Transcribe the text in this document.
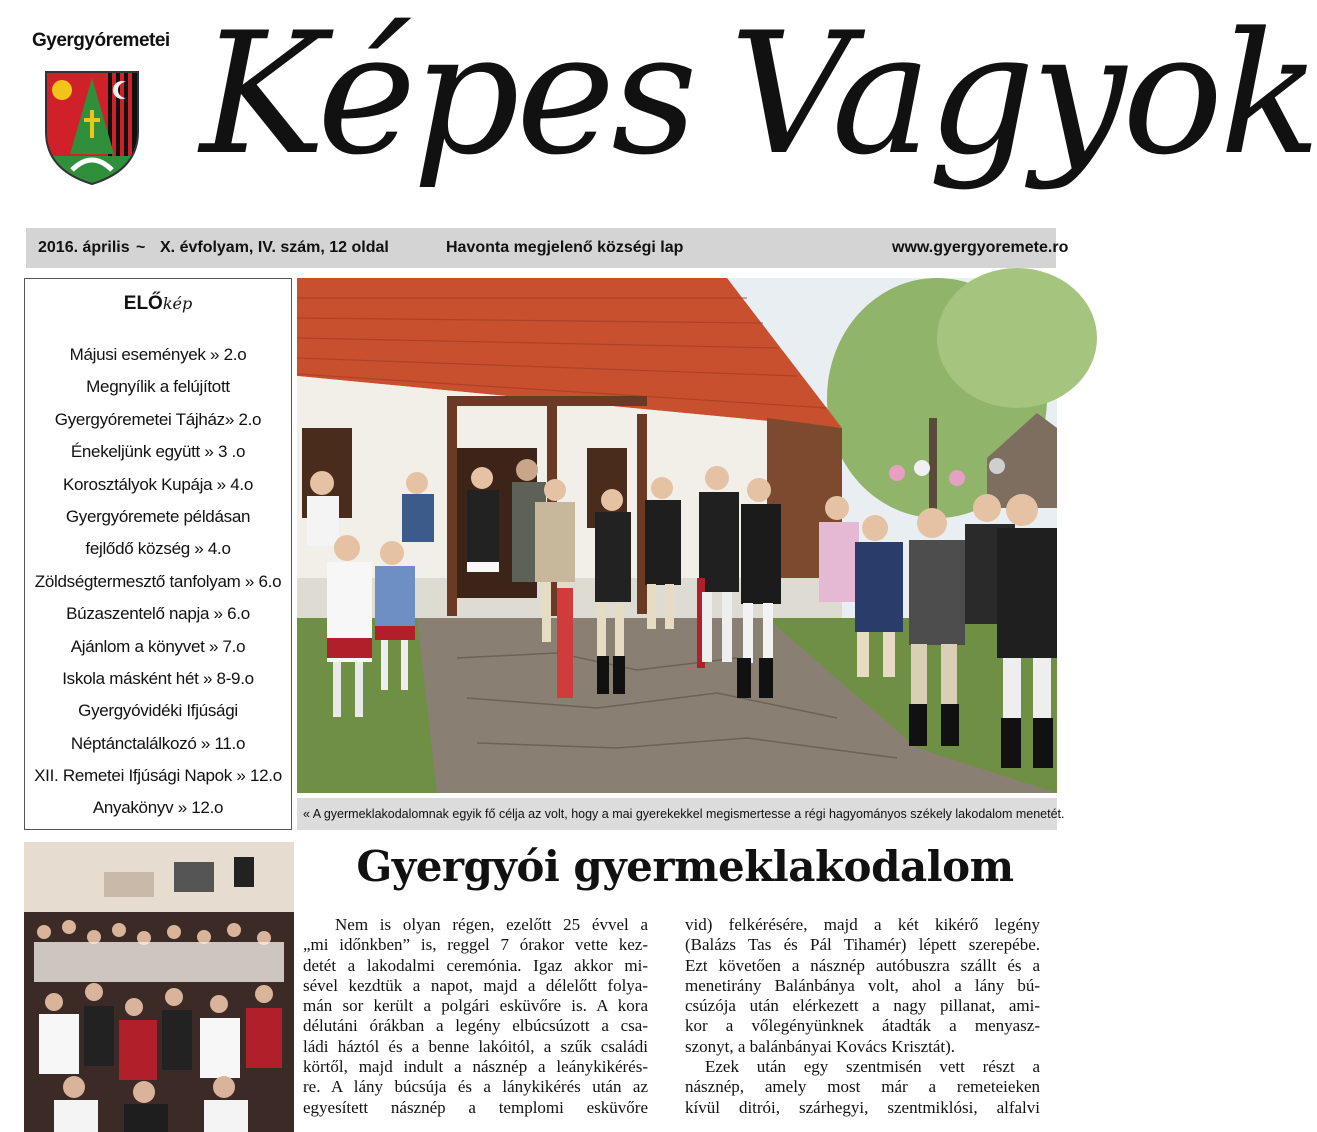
Gyergyóremetei Képes Vagyok
2016. április ~ X. évfolyam, IV. szám, 12 oldal	Havonta megjelenő községi lap	www.gyergyoremete.ro
ELŐkép
Májusi események » 2.o
Megnyílik a felújított
Gyergyóremetei Tájház» 2.o
Énekeljünk együtt » 3 .o
Korosztályok Kupája » 4.o
Gyergyóremete példásan
fejlődő község » 4.o
Zöldségtermesztő tanfolyam » 6.o
Búzaszentelő napja » 6.o
Ajánlom a könyvet » 7.o
Iskola másként hét » 8-9.o
Gyergyóvidéki Ifjúsági
Néptánctalálkozó » 11.o
XII. Remetei Ifjúsági Napok » 12.o
Anyakönyv » 12.o	« A gyermeklakodalomnak egyik fő célja az volt, hogy a mai gyerekekkel megismertesse a régi hagyományos székely lakodalom menetét.
Gyergyói gyermeklakodalom
Nem is olyan régen, ezelőtt 25 évvel a
„mi időnkben” is, reggel 7 órakor vette kez-
detét a lakodalmi ceremónia. Igaz akkor mi-
sével kezdtük a napot, majd a délelőtt folya-
mán sor került a polgári esküvőre is. A kora
délutáni órákban a legény elbúcsúzott a csa-
ládi háztól és a benne lakóitól, a szűk családi
körtől, majd indult a násznép a leánykikérés-
re. A lány búcsúja és a lánykikérés után az
egyesített násznép a templomi esküvőre
vid) felkérésére, majd a két kikérő legény
(Balázs Tas és Pál Tihamér) lépett szerepébe.
Ezt követően a násznép autóbuszra szállt és a
menetirány Balánbánya volt, ahol a lány bú-
csúzója után elérkezett a nagy pillanat, ami-
kor a vőlegényünknek átadták a menyasz-
szonyt, a balánbányai Kovács Krisztát).
Ezek után egy szentmisén vett részt a
násznép, amely most már a remeteieken
kívül ditrói, szárhegyi, szentmiklósi, alfalvi
